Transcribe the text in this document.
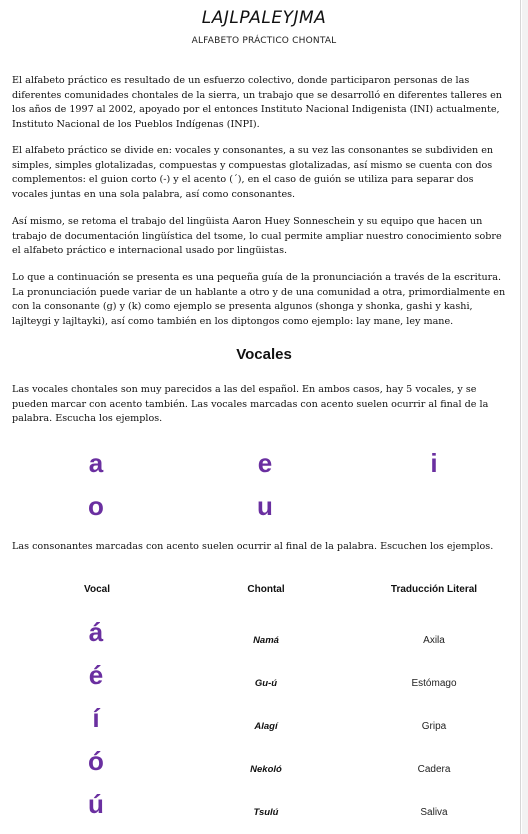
LAJLPALEYJMA
ALFABETO PRÁCTICO CHONTAL

El alfabeto práctico es resultado de un esfuerzo colectivo, donde participaron personas de las diferentes comunidades chontales de la sierra, un trabajo que se desarrolló en diferentes talleres en los años de 1997 al 2002, apoyado por el entonces Instituto Nacional Indigenista (INI) actualmente, Instituto Nacional de los Pueblos Indígenas (INPI).

El alfabeto práctico se divide en: vocales y consonantes, a su vez las consonantes se subdividen en simples, simples glotalizadas, compuestas y compuestas glotalizadas, así mismo se cuenta con dos complementos: el guion corto (-) y el acento (´), en el caso de guión se utiliza para separar dos vocales juntas en una sola palabra, así como consonantes.

Así mismo, se retoma el trabajo del lingüista Aaron Huey Sonneschein y su equipo que hacen un trabajo de documentación lingüística del tsome, lo cual permite ampliar nuestro conocimiento sobre el alfabeto práctico e internacional usado por lingüistas.

Lo que a continuación se presenta es una pequeña guía de la pronunciación a través de la escritura. La pronunciación puede variar de un hablante a otro y de una comunidad a otra, primordialmente en con la consonante (g) y (k) como ejemplo se presenta algunos (shonga y shonka, gashi y kashi, lajlteygi y lajltayki), así como también en los diptongos como ejemplo: lay mane, ley mane.

Vocales

Las vocales chontales son muy parecidos a las del español. En ambos casos, hay 5 vocales, y se pueden marcar con acento también. Las vocales marcadas con acento suelen ocurrir al final de la palabra. Escucha los ejemplos.

a	e	i
o	u

Las consonantes marcadas con acento suelen ocurrir al final de la palabra. Escuchen los ejemplos.

Vocal	Chontal	Traducción Literal
á	Namá	Axila
é	Gu-ú	Estómago
í	Alagí	Gripa
ó	Nekoló	Cadera
ú	Tsulú	Saliva
